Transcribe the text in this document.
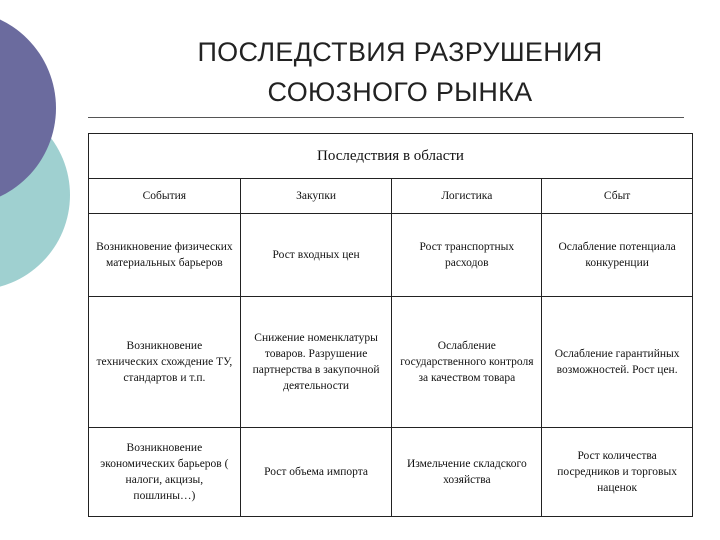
ПОСЛЕДСТВИЯ РАЗРУШЕНИЯ
СОЮЗНОГО РЫНКА
Последствия в области			
События	Закупки	Логистика	Сбыт
Возникновение физических материальных барьеров	Рост входных цен	Рост транспортных расходов	Ослабление потенциала конкуренции
Возникновение технических схождение ТУ, стандартов и т.п.	Снижение номенклатуры товаров. Разрушение партнерства в закупочной деятельности	Ослабление государственного контроля за качеством товара	Ослабление гарантийных возможностей. Рост цен.
Возникновение экономических барьеров ( налоги, акцизы, пошлины…)	Рост объема импорта	Измельчение складского хозяйства	Рост количества посредников и торговых наценок
